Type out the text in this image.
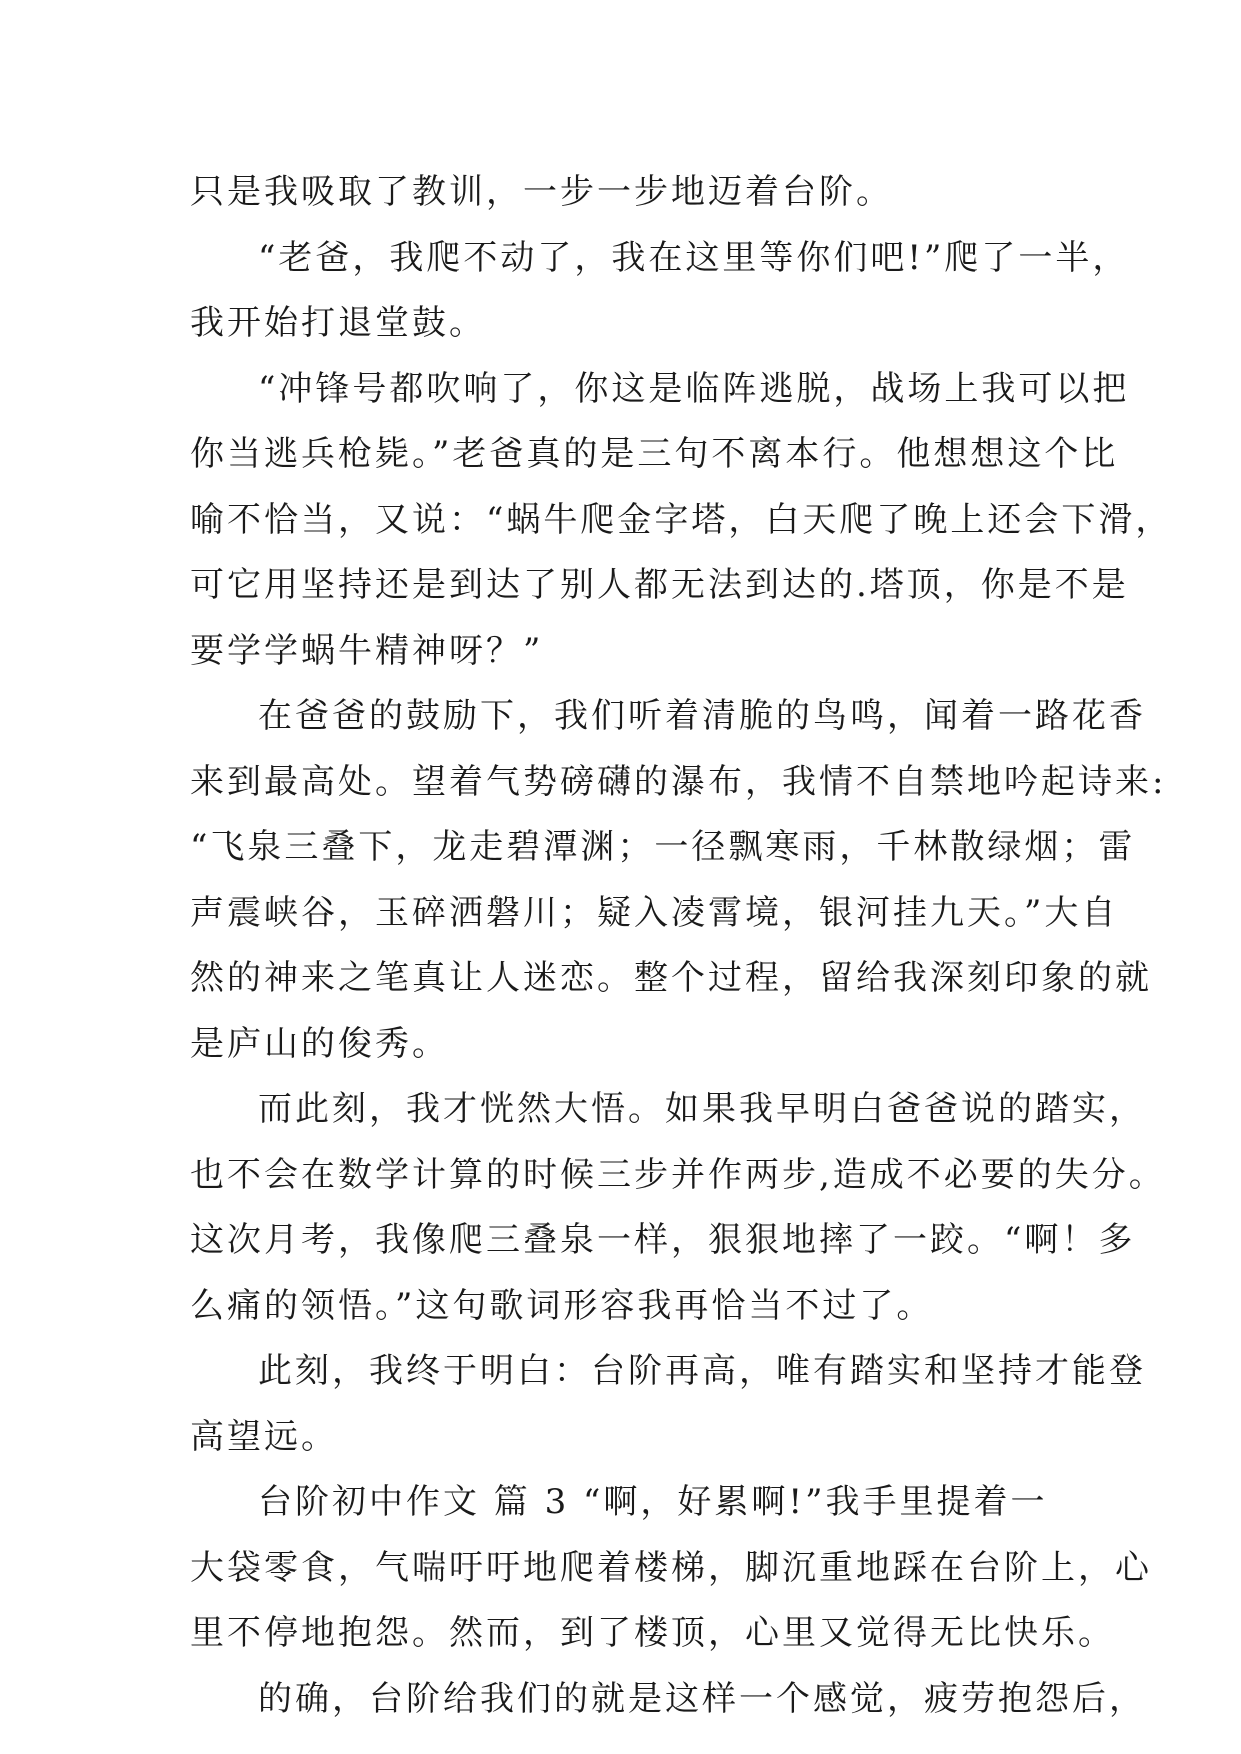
只是我吸取了教训，一步一步地迈着台阶。
“老爸，我爬不动了，我在这里等你们吧!”爬了一半，
我开始打退堂鼓。
“冲锋号都吹响了，你这是临阵逃脱，战场上我可以把
你当逃兵枪毙。”老爸真的是三句不离本行。他想想这个比
喻不恰当，又说：“蜗牛爬金字塔，白天爬了晚上还会下滑，
可它用坚持还是到达了别人都无法到达的.塔顶，你是不是
要学学蜗牛精神呀？”
在爸爸的鼓励下，我们听着清脆的鸟鸣，闻着一路花香
来到最高处。望着气势磅礴的瀑布，我情不自禁地吟起诗来:
“飞泉三叠下，龙走碧潭渊；一径飘寒雨，千林散绿烟；雷
声震峡谷，玉碎洒磐川；疑入凌霄境，银河挂九天。”大自
然的神来之笔真让人迷恋。整个过程，留给我深刻印象的就
是庐山的俊秀。
而此刻，我才恍然大悟。如果我早明白爸爸说的踏实，
也不会在数学计算的时候三步并作两步,造成不必要的失分。
这次月考，我像爬三叠泉一样，狠狠地摔了一跤。“啊！多
么痛的领悟。”这句歌词形容我再恰当不过了。
此刻，我终于明白：台阶再高，唯有踏实和坚持才能登
高望远。
台阶初中作文 篇 3 “啊，好累啊!”我手里提着一
大袋零食，气喘吁吁地爬着楼梯，脚沉重地踩在台阶上，心
里不停地抱怨。然而，到了楼顶，心里又觉得无比快乐。
的确，台阶给我们的就是这样一个感觉，疲劳抱怨后，
